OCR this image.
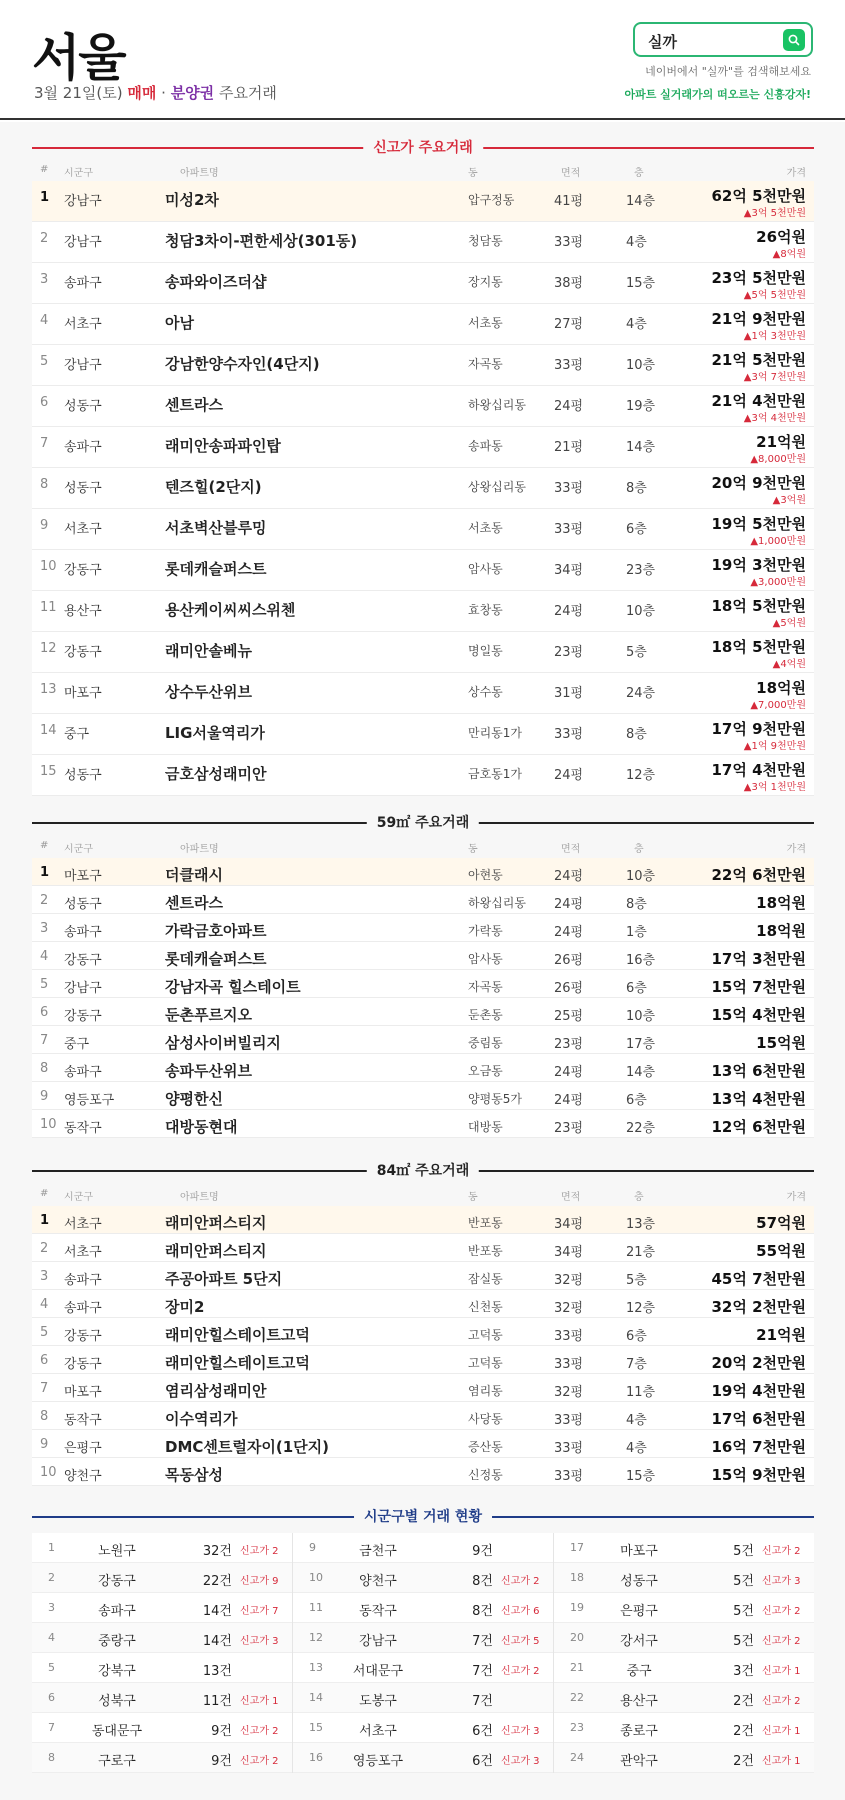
서울
3월 21일(토) 매매 · 분양권 주요거래
실까
네이버에서 "실까"를 검색해보세요
아파트 실거래가의 떠오르는 신흥강자!
신고가 주요거래
# 시군구	아파트명	동	면적	층	가격
1 강남구	미성2차	압구정동	41평	14층	62억 5천만원
▲3억 5천만원
2 강남구	청담3차이-편한세상(301동)	청담동	33평	4층	26억원
▲8억원
3 송파구	송파와이즈더샵	장지동	38평	15층	23억 5천만원
▲5억 5천만원
4 서초구	아남	서초동	27평	4층	21억 9천만원
▲1억 3천만원
5 강남구	강남한양수자인(4단지)	자곡동	33평	10층	21억 5천만원
▲3억 7천만원
6 성동구	센트라스	하왕십리동 24평	19층	21억 4천만원
▲3억 4천만원
7 송파구	래미안송파파인탑	송파동	21평	14층	21억원
▲8,000만원
8 성동구	텐즈힐(2단지)	상왕십리동 33평	8층	20억 9천만원
▲3억원
9 서초구	서초벽산블루밍	서초동	33평	6층	19억 5천만원
▲1,000만원
10 강동구	롯데캐슬퍼스트	암사동	34평	23층	19억 3천만원
▲3,000만원
11 용산구	용산케이씨씨스위첸	효창동	24평	10층	18억 5천만원
▲5억원
12 강동구	래미안솔베뉴	명일동	23평	5층	18억 5천만원
▲4억원
13 마포구	상수두산위브	상수동	31평	24층	18억원
▲7,000만원
14 중구	LIG서울역리가	만리동1가 33평	8층	17억 9천만원
▲1억 9천만원
15 성동구	금호삼성래미안	금호동1가 24평	12층	17억 4천만원
▲3억 1천만원
59㎡ 주요거래
# 시군구	아파트명	동	면적	층	가격
1 마포구	더클래시	아현동	24평	10층	22억 6천만원
2 성동구	센트라스	하왕십리동 24평	8층	18억원
3 송파구	가락금호아파트	가락동	24평	1층	18억원
4 강동구	롯데캐슬퍼스트	암사동	26평	16층	17억 3천만원
5 강남구	강남자곡 힐스테이트	자곡동	26평	6층	15억 7천만원
6 강동구	둔촌푸르지오	둔촌동	25평	10층	15억 4천만원
7 중구	삼성사이버빌리지	중림동	23평	17층	15억원
8 송파구	송파두산위브	오금동	24평	14층	13억 6천만원
9 영등포구	양평한신	양평동5가 24평	6층	13억 4천만원
10 동작구	대방동현대	대방동	23평	22층	12억 6천만원
84㎡ 주요거래
# 시군구	아파트명	동	면적	층	가격
1 서초구	래미안퍼스티지	반포동	34평	13층	57억원
2 서초구	래미안퍼스티지	반포동	34평	21층	55억원
3 송파구	주공아파트 5단지	잠실동	32평	5층	45억 7천만원
4 송파구	장미2	신천동	32평	12층	32억 2천만원
5 강동구	래미안힐스테이트고덕	고덕동	33평	6층	21억원
6 강동구	래미안힐스테이트고덕	고덕동	33평	7층	20억 2천만원
7 마포구	염리삼성래미안	염리동	32평	11층	19억 4천만원
8 동작구	이수역리가	사당동	33평	4층	17억 6천만원
9 은평구	DMC센트럴자이(1단지)	증산동	33평	4층	16억 7천만원
10 양천구	목동삼성	신정동	33평	15층	15억 9천만원
시군구별 거래 현황
1	노원구	32건 신고가 2
2	강동구	22건 신고가 9
3	송파구	14건 신고가 7
4	중랑구	14건 신고가 3
5	강북구	13건
6	성북구	11건 신고가 1
7	동대문구	9건 신고가 2
8	구로구	9건 신고가 2
9	금천구	9건
10	양천구	8건 신고가 2
11	동작구	8건 신고가 6
12	강남구	7건 신고가 5
13	서대문구	7건 신고가 2
14	도봉구	7건
15	서초구	6건 신고가 3
16	영등포구	6건 신고가 3
17	마포구	5건 신고가 2
18	성동구	5건 신고가 3
19	은평구	5건 신고가 2
20	강서구	5건 신고가 2
21	중구	3건 신고가 1
22	용산구	2건 신고가 2
23	종로구	2건 신고가 1
24	관악구	2건 신고가 1
